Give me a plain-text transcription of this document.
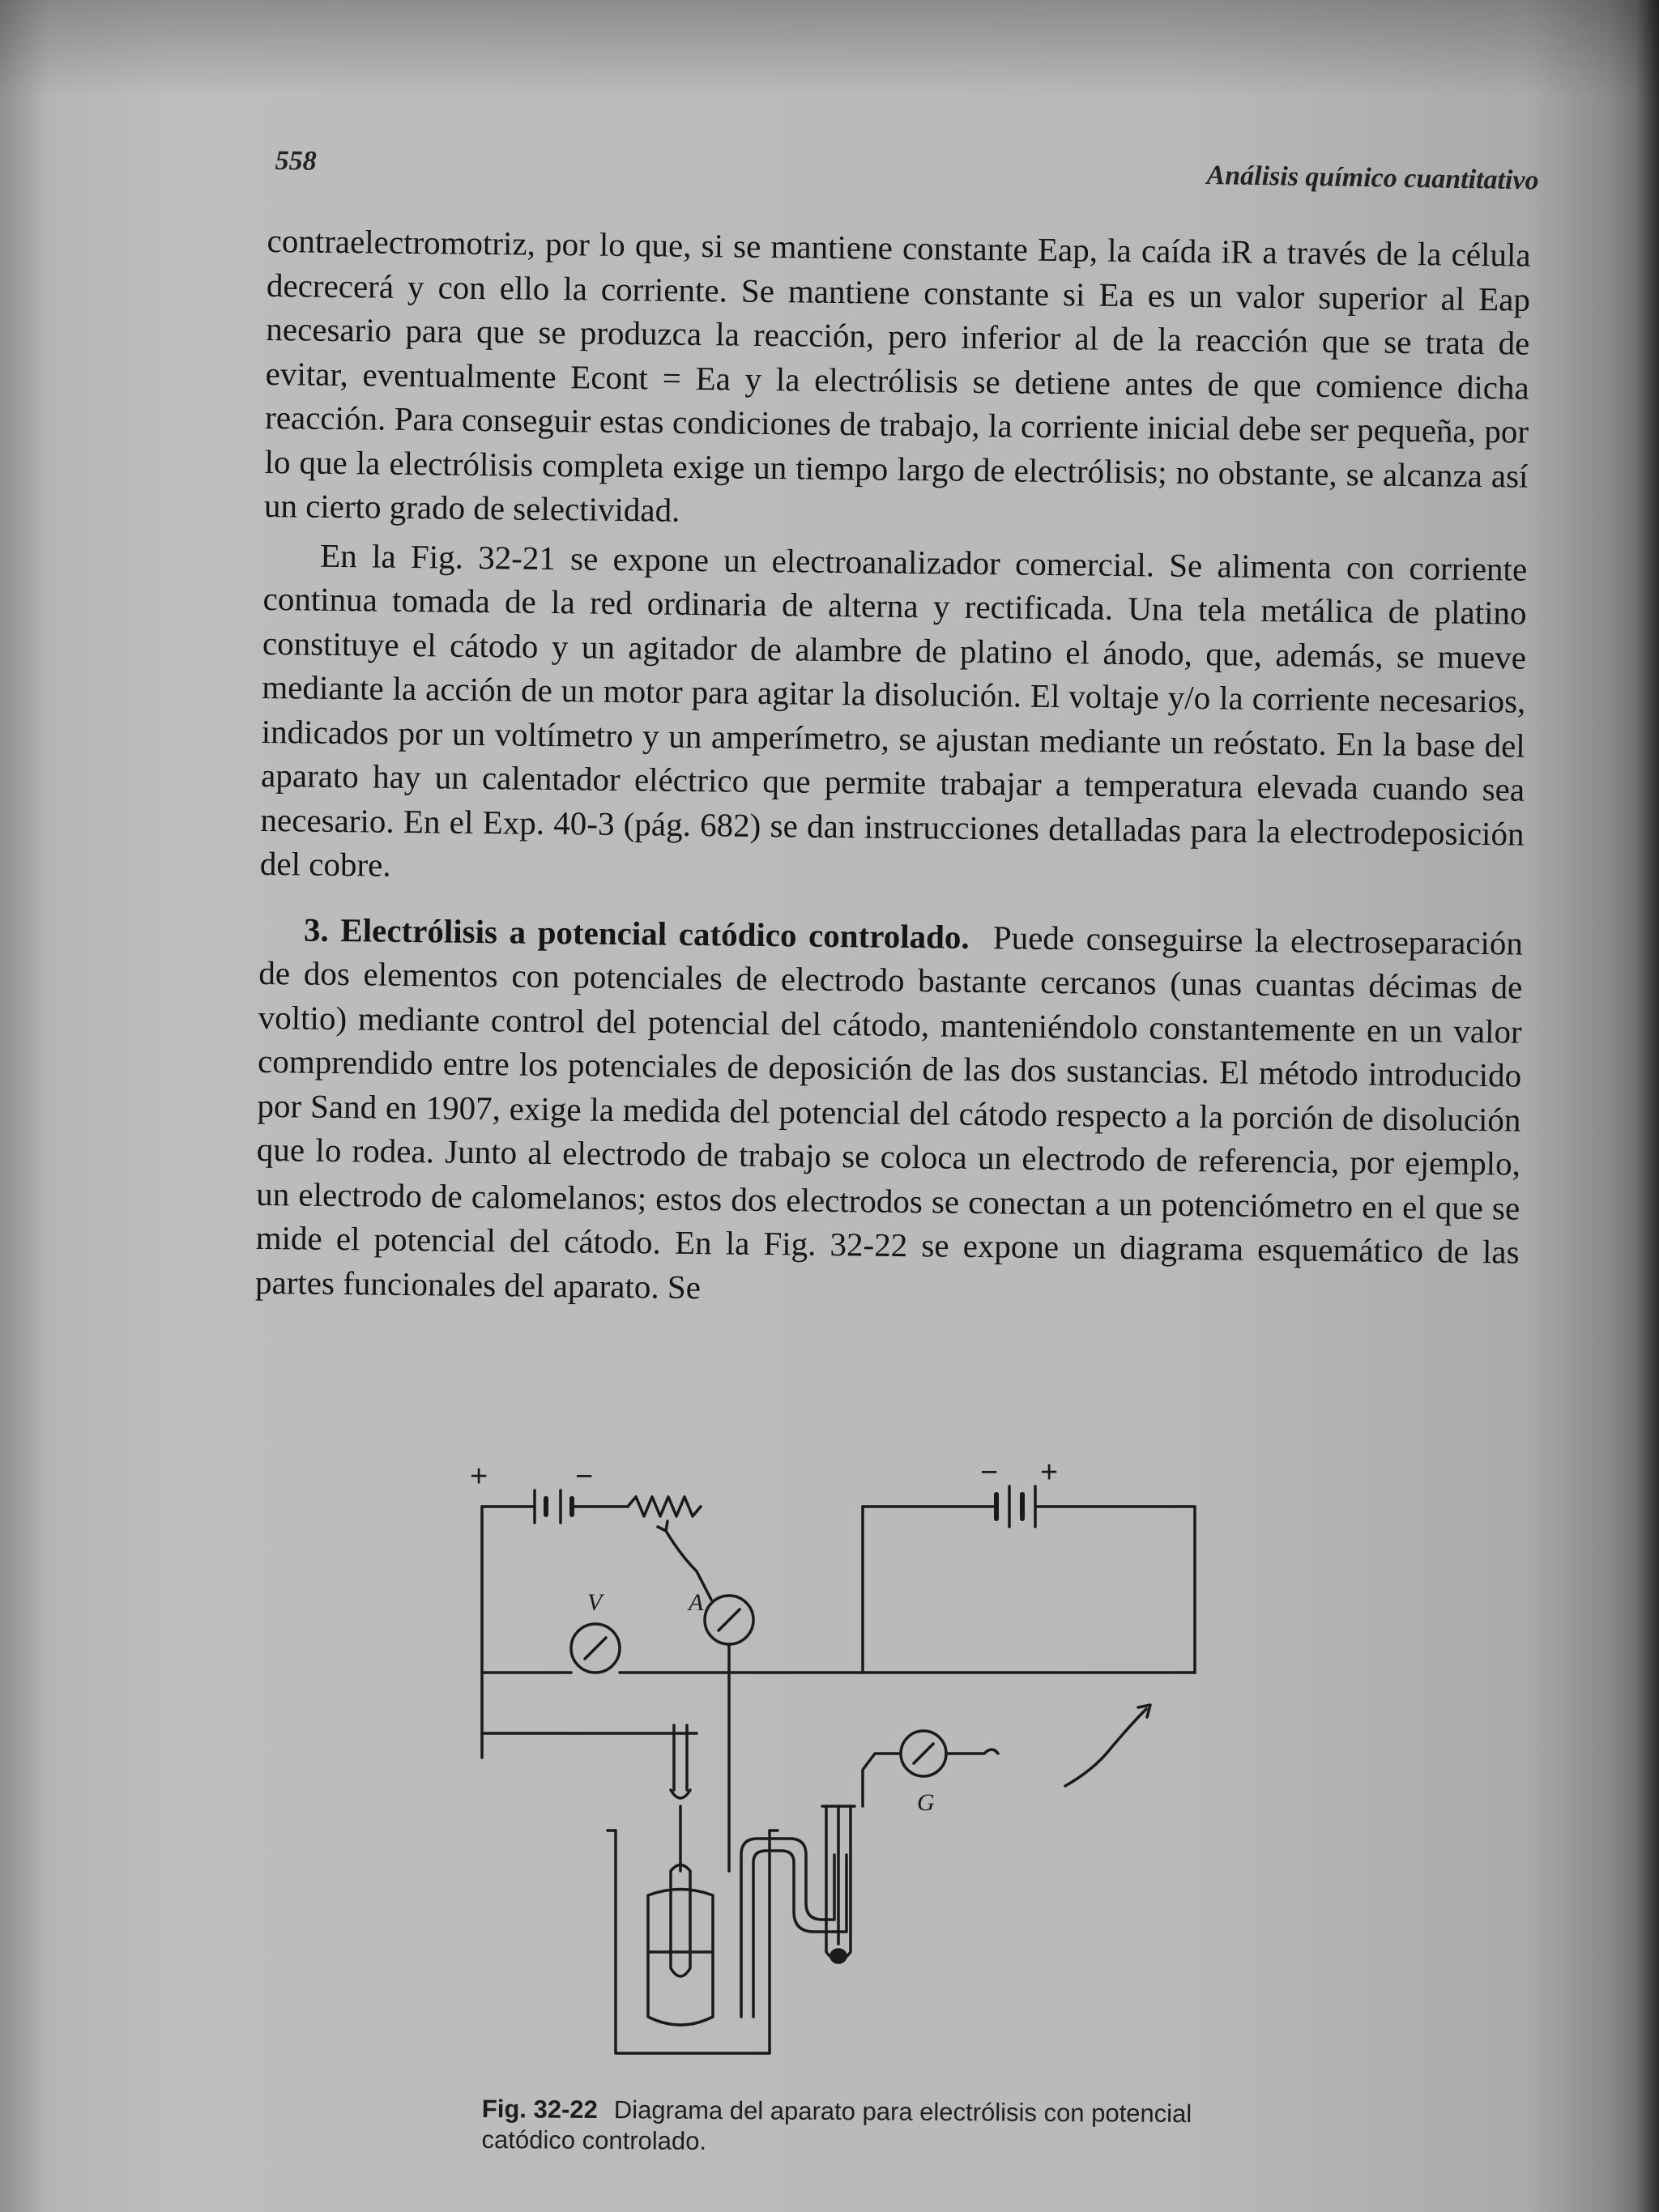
558	Análisis químico cuantitativo

contraelectromotriz, por lo que, si se mantiene constante Eap, la caída iR a través de la célula decrecerá y con ello la corriente. Se mantiene constante si Ea es un valor superior al Eap necesario para que se produzca la reacción, pero inferior al de la reacción que se trata de evitar, eventualmente Econt = Ea y la electrólisis se detiene antes de que comience dicha reacción. Para conseguir estas condiciones de trabajo, la corriente inicial debe ser pequeña, por lo que la electrólisis completa exige un tiempo largo de electrólisis; no obstante, se alcanza así un cierto grado de selectividad.

En la Fig. 32-21 se expone un electroanalizador comercial. Se alimenta con corriente continua tomada de la red ordinaria de alterna y rectificada. Una tela metálica de platino constituye el cátodo y un agitador de alambre de platino el ánodo, que, además, se mueve mediante la acción de un motor para agitar la disolución. El voltaje y/o la corriente necesarios, indicados por un voltímetro y un amperímetro, se ajustan mediante un reóstato. En la base del aparato hay un calentador eléctrico que permite trabajar a temperatura elevada cuando sea necesario. En el Exp. 40-3 (pág. 682) se dan instrucciones detalladas para la electrodeposición del cobre.

3. Electrólisis a potencial catódico controlado. Puede conseguirse la electroseparación de dos elementos con potenciales de electrodo bastante cercanos (unas cuantas décimas de voltio) mediante control del potencial del cátodo, manteniéndolo constantemente en un valor comprendido entre los potenciales de deposición de las dos sustancias. El método introducido por Sand en 1907, exige la medida del potencial del cátodo respecto a la porción de disolución que lo rodea. Junto al electrodo de trabajo se coloca un electrodo de referencia, por ejemplo, un electrodo de calomelanos; estos dos electrodos se conectan a un potenciómetro en el que se mide el potencial del cátodo. En la Fig. 32-22 se expone un diagrama esquemático de las partes funcionales del aparato. Se

+	−	− +
V	A
G
Fig. 32-22 Diagrama del aparato para electrólisis con potencial catódico controlado.
